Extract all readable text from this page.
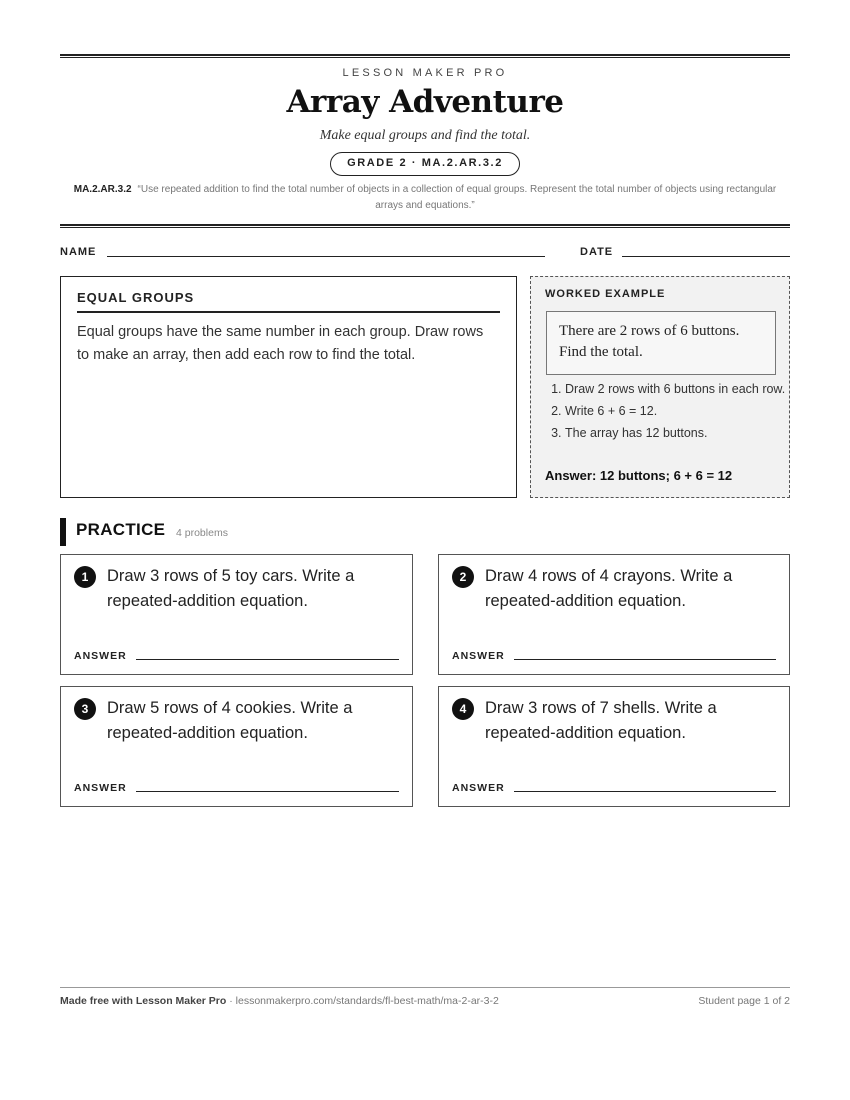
LESSON MAKER PRO
Array Adventure
Make equal groups and find the total.
GRADE 2 · MA.2.AR.3.2
MA.2.AR.3.2 “Use repeated addition to find the total number of objects in a collection of equal groups. Represent the total number of objects using rectangular arrays and equations.”
NAME	DATE
EQUAL GROUPS
Equal groups have the same number in each group. Draw rows to make an array, then add each row to find the total.
WORKED EXAMPLE
There are 2 rows of 6 buttons. Find the total.
1. Draw 2 rows with 6 buttons in each row.
2. Write 6 + 6 = 12.
3. The array has 12 buttons.
Answer: 12 buttons; 6 + 6 = 12
PRACTICE 4 problems
1	Draw 3 rows of 5 toy cars. Write a repeated-addition equation.
ANSWER
2	Draw 4 rows of 4 crayons. Write a repeated-addition equation.
ANSWER
3	Draw 5 rows of 4 cookies. Write a repeated-addition equation.
ANSWER
4	Draw 3 rows of 7 shells. Write a repeated-addition equation.
ANSWER
Made free with Lesson Maker Pro · lessonmakerpro.com/standards/fl-best-math/ma-2-ar-3-2	Student page 1 of 2
